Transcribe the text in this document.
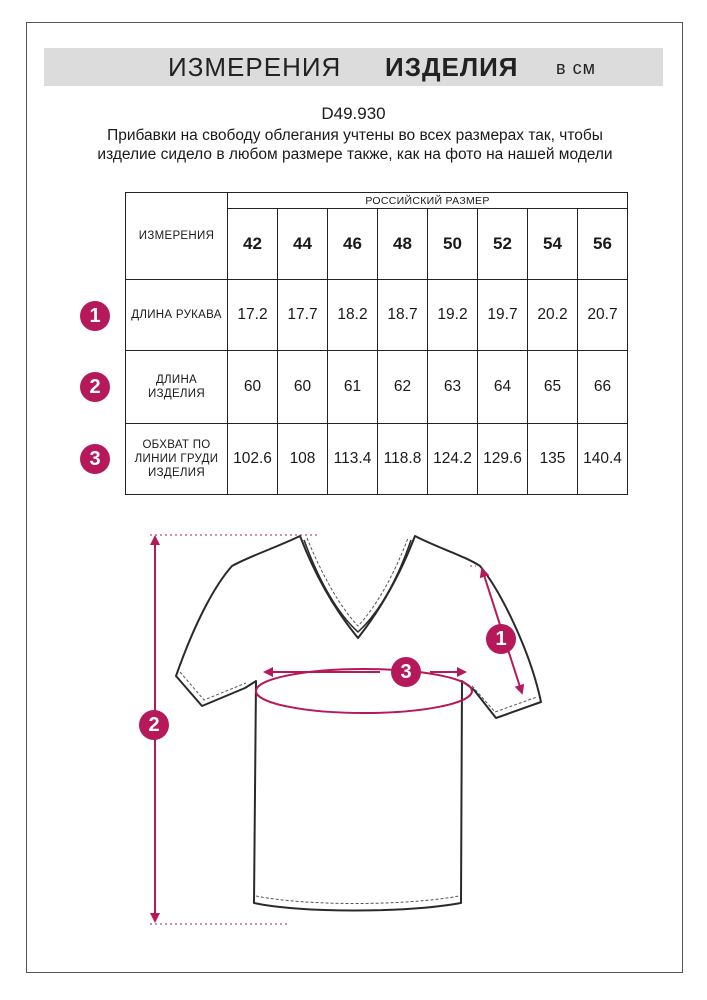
ИЗМЕРЕНИЯ ИЗДЕЛИЯ в см
D49.930
Прибавки на свободу облегания учтены во всех размерах так, чтобы изделие сидело в любом размере также, как на фото на нашей модели
ИЗМЕРЕНИЯ	РОССИЙСКИЙ РАЗМЕР							
	42	44	46	48	50	52	54	56
ДЛИНА РУКАВА	17.2	17.7	18.2	18.7	19.2	19.7	20.2	20.7
ДЛИНА
ИЗДЕЛИЯ	60	60	61	62	63	64	65	66
ОБХВАТ ПО
ЛИНИИ ГРУДИ
ИЗДЕЛИЯ	102.6	108	113.4	118.8	124.2	129.6	135	140.4
1
2
3
1
2
3
